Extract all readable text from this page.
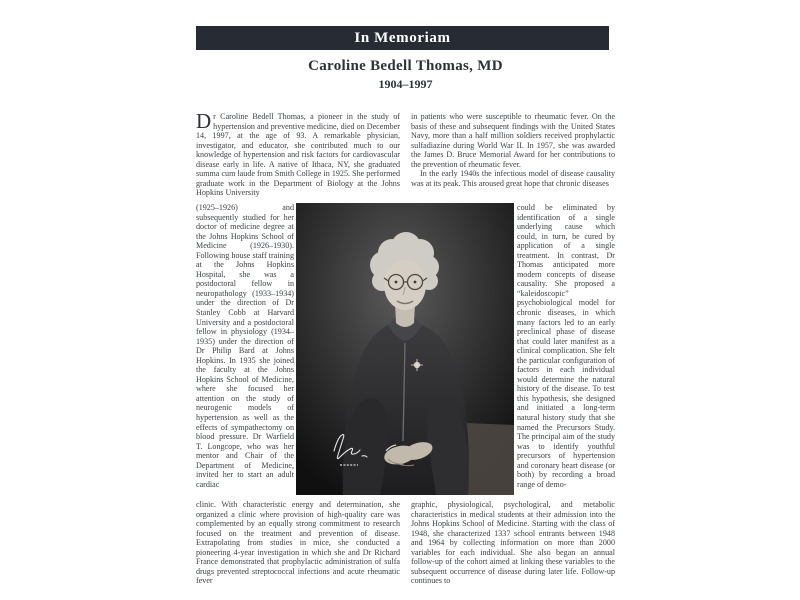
In Memoriam
Caroline Bedell Thomas, MD
1904–1997

Dr Caroline Bedell Thomas, a pioneer in the study of hypertension and preventive medicine, died on December 14, 1997, at the age of 93. A remarkable physician, investigator, and educator, she contributed much to our knowledge of hypertension and risk factors for cardiovascular disease early in life. A native of Ithaca, NY, she graduated summa cum laude from Smith College in 1925. She performed graduate work in the Department of Biology at the Johns Hopkins University

(1925–1926) and subsequently studied for her doctor of medicine degree at the Johns Hopkins School of Medicine (1926–1930). Following house staff training at the Johns Hopkins Hospital, she was a postdoctoral fellow in neuropathology (1933–1934) under the direction of Dr Stanley Cobb at Harvard University and a postdoctoral fellow in physiology (1934–1935) under the direction of Dr Philip Bard at Johns Hopkins. In 1935 she joined the faculty at the Johns Hopkins School of Medicine, where she focused her attention on the study of neurogenic models of hypertension as well as the effects of sympathectomy on blood pressure. Dr Warfield T. Longcope, who was her mentor and Chair of the Department of Medicine, invited her to start an adult cardiac

clinic. With characteristic energy and determination, she organized a clinic where provision of high-quality care was complemented by an equally strong commitment to research focused on the treatment and prevention of disease. Extrapolating from studies in mice, she conducted a pioneering 4-year investigation in which she and Dr Richard France demonstrated that prophylactic administration of sulfa drugs prevented streptococcal infections and acute rheumatic fever

in patients who were susceptible to rheumatic fever. On the basis of these and subsequent findings with the United States Navy, more than a half million soldiers received prophylactic sulfadiazine during World War II. In 1957, she was awarded the James D. Bruce Memorial Award for her contributions to the prevention of rheumatic fever.

In the early 1940s the infectious model of disease causality was at its peak. This aroused great hope that chronic diseases

could be eliminated by identification of a single underlying cause which could, in turn, be cured by application of a single treatment. In contrast, Dr Thomas anticipated more modern concepts of disease causality. She proposed a “kaleidoscopic” psychobiological model for chronic diseases, in which many factors led to an early preclinical phase of disease that could later manifest as a clinical complication. She felt the particular configuration of factors in each individual would determine the natural history of the disease. To test this hypothesis, she designed and initiated a long-term natural history study that she named the Precursors Study. The principal aim of the study was to identify youthful precursors of hypertension and coronary heart disease (or both) by recording a broad range of demo-

graphic, physiological, psychological, and metabolic characteristics in medical students at their admission into the Johns Hopkins School of Medicine. Starting with the class of 1948, she characterized 1337 school entrants between 1948 and 1964 by collecting information on more than 2000 variables for each individual. She also began an annual follow-up of the cohort aimed at linking these variables to the subsequent occurrence of disease during later life. Follow-up continues to
